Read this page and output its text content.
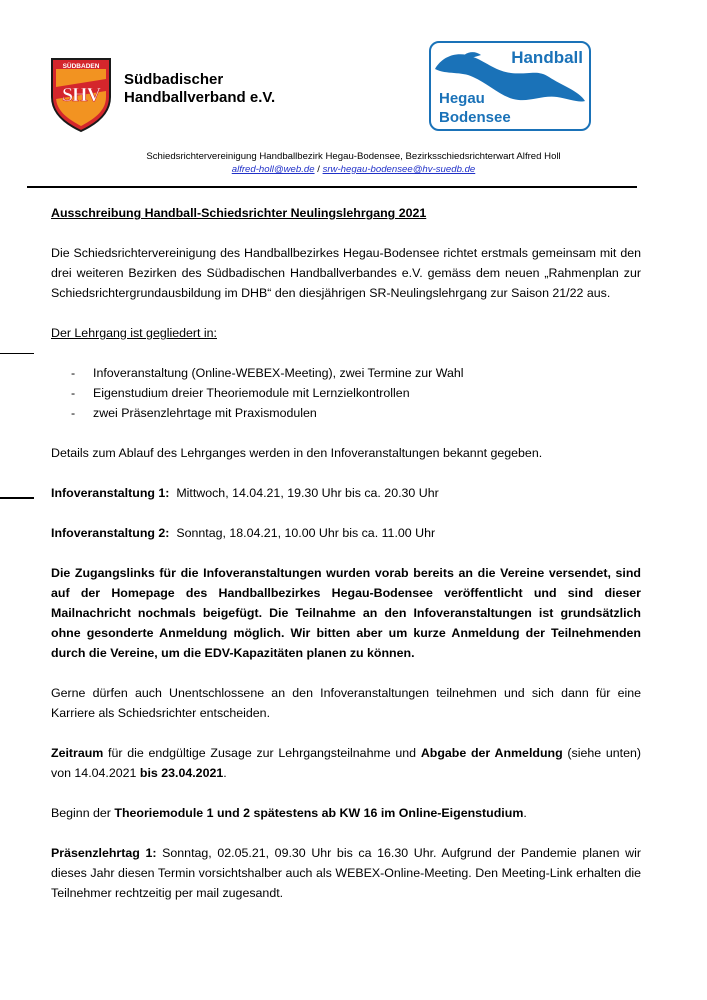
SÜDBADEN
SHV
Südbadischer
Handballverband e.V.
Handball
Hegau
Bodensee
Schiedsrichtervereinigung Handballbezirk Hegau-Bodensee, Bezirksschiedsrichterwart Alfred Holl
alfred-holl@web.de / srw-hegau-bodensee@hv-suedb.de

Ausschreibung Handball-Schiedsrichter Neulingslehrgang 2021

Die Schiedsrichtervereinigung des Handballbezirkes Hegau-Bodensee richtet erstmals gemeinsam mit den drei weiteren Bezirken des Südbadischen Handballverbandes e.V. gemäss dem neuen „Rahmenplan zur Schiedsrichtergrundausbildung im DHB“ den diesjährigen SR-Neulingslehrgang zur Saison 21/22 aus.

Der Lehrgang ist gegliedert in:

- Infoveranstaltung (Online-WEBEX-Meeting), zwei Termine zur Wahl
- Eigenstudium dreier Theoriemodule mit Lernzielkontrollen
- zwei Präsenzlehrtage mit Praxismodulen

Details zum Ablauf des Lehrganges werden in den Infoveranstaltungen bekannt gegeben.

Infoveranstaltung 1: Mittwoch, 14.04.21, 19.30 Uhr bis ca. 20.30 Uhr

Infoveranstaltung 2: Sonntag, 18.04.21, 10.00 Uhr bis ca. 11.00 Uhr

Die Zugangslinks für die Infoveranstaltungen wurden vorab bereits an die Vereine versendet, sind auf der Homepage des Handballbezirkes Hegau-Bodensee veröffentlicht und sind dieser Mailnachricht nochmals beigefügt. Die Teilnahme an den Infoveranstaltungen ist grundsätzlich ohne gesonderte Anmeldung möglich. Wir bitten aber um kurze Anmeldung der Teilnehmenden durch die Vereine, um die EDV-Kapazitäten planen zu können.

Gerne dürfen auch Unentschlossene an den Infoveranstaltungen teilnehmen und sich dann für eine Karriere als Schiedsrichter entscheiden.

Zeitraum für die endgültige Zusage zur Lehrgangsteilnahme und Abgabe der Anmeldung (siehe unten) von 14.04.2021 bis 23.04.2021.

Beginn der Theoriemodule 1 und 2 spätestens ab KW 16 im Online-Eigenstudium.

Präsenzlehrtag 1: Sonntag, 02.05.21, 09.30 Uhr bis ca 16.30 Uhr. Aufgrund der Pandemie planen wir dieses Jahr diesen Termin vorsichtshalber auch als WEBEX-Online-Meeting. Den Meeting-Link erhalten die Teilnehmer rechtzeitig per mail zugesandt.
